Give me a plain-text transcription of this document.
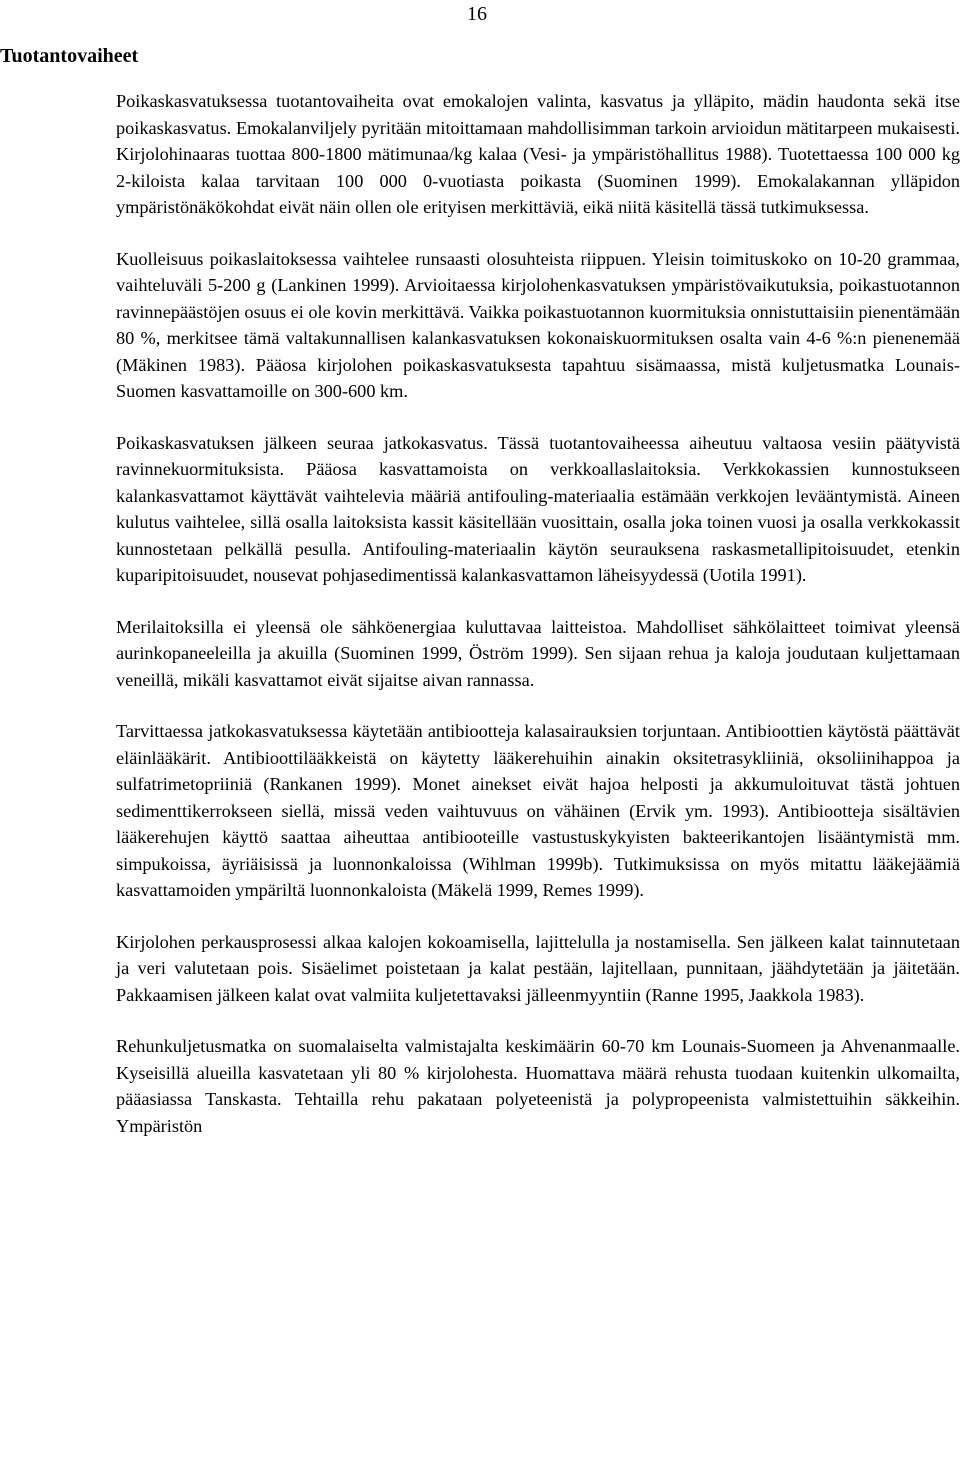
16
Tuotantovaiheet

Poikaskasvatuksessa tuotantovaiheita ovat emokalojen valinta, kasvatus ja ylläpito, mädin haudonta sekä itse poikaskasvatus. Emokalanviljely pyritään mitoittamaan mahdollisimman tarkoin arvioidun mätitarpeen mukaisesti. Kirjolohinaaras tuottaa 800-1800 mätimunaa/kg kalaa (Vesi- ja ympäristöhallitus 1988). Tuotettaessa 100 000 kg 2-kiloista kalaa tarvitaan 100 000 0-vuotiasta poikasta (Suominen 1999). Emokalakannan ylläpidon ympäristönäkökohdat eivät näin ollen ole erityisen merkittäviä, eikä niitä käsitellä tässä tutkimuksessa.

Kuolleisuus poikaslaitoksessa vaihtelee runsaasti olosuhteista riippuen. Yleisin toimituskoko on 10-20 grammaa, vaihteluväli 5-200 g (Lankinen 1999). Arvioitaessa kirjolohenkasvatuksen ympäristövaikutuksia, poikastuotannon ravinnepäästöjen osuus ei ole kovin merkittävä. Vaikka poikastuotannon kuormituksia onnistuttaisiin pienentämään 80 %, merkitsee tämä valtakunnallisen kalankasvatuksen kokonaiskuormituksen osalta vain 4-6 %:n pienenemää (Mäkinen 1983). Pääosa kirjolohen poikaskasvatuksesta tapahtuu sisämaassa, mistä kuljetusmatka Lounais-Suomen kasvattamoille on 300-600 km.

Poikaskasvatuksen jälkeen seuraa jatkokasvatus. Tässä tuotantovaiheessa aiheutuu valtaosa vesiin päätyvistä ravinnekuormituksista. Pääosa kasvattamoista on verkkoallaslaitoksia. Verkkokassien kunnostukseen kalankasvattamot käyttävät vaihtelevia määriä antifouling-materiaalia estämään verkkojen levääntymistä. Aineen kulutus vaihtelee, sillä osalla laitoksista kassit käsitellään vuosittain, osalla joka toinen vuosi ja osalla verkkokassit kunnostetaan pelkällä pesulla. Antifouling-materiaalin käytön seurauksena raskasmetallipitoisuudet, etenkin kuparipitoisuudet, nousevat pohjasedimentissä kalankasvattamon läheisyydessä (Uotila 1991).

Merilaitoksilla ei yleensä ole sähköenergiaa kuluttavaa laitteistoa. Mahdolliset sähkölaitteet toimivat yleensä aurinkopaneeleilla ja akuilla (Suominen 1999, Öström 1999). Sen sijaan rehua ja kaloja joudutaan kuljettamaan veneillä, mikäli kasvattamot eivät sijaitse aivan rannassa.

Tarvittaessa jatkokasvatuksessa käytetään antibiootteja kalasairauksien torjuntaan. Antibioottien käytöstä päättävät eläinlääkärit. Antibioottilääkkeistä on käytetty lääkerehuihin ainakin oksitetrasykliiniä, oksoliinihappoa ja sulfatrimetopriiniä (Rankanen 1999). Monet ainekset eivät hajoa helposti ja akkumuloituvat tästä johtuen sedimenttikerrokseen siellä, missä veden vaihtuvuus on vähäinen (Ervik ym. 1993). Antibiootteja sisältävien lääkerehujen käyttö saattaa aiheuttaa antibiooteille vastustuskykyisten bakteerikantojen lisääntymistä mm. simpukoissa, äyriäisissä ja luonnonkaloissa (Wihlman 1999b). Tutkimuksissa on myös mitattu lääkejäämiä kasvattamoiden ympäriltä luonnonkaloista (Mäkelä 1999, Remes 1999).

Kirjolohen perkausprosessi alkaa kalojen kokoamisella, lajittelulla ja nostamisella. Sen jälkeen kalat tainnutetaan ja veri valutetaan pois. Sisäelimet poistetaan ja kalat pestään, lajitellaan, punnitaan, jäähdytetään ja jäitetään. Pakkaamisen jälkeen kalat ovat valmiita kuljetettavaksi jälleenmyyntiin (Ranne 1995, Jaakkola 1983).

Rehunkuljetusmatka on suomalaiselta valmistajalta keskimäärin 60-70 km Lounais-Suomeen ja Ahvenanmaalle. Kyseisillä alueilla kasvatetaan yli 80 % kirjolohesta. Huomattava määrä rehusta tuodaan kuitenkin ulkomailta, pääasiassa Tanskasta. Tehtailla rehu pakataan polyeteenistä ja polypropeenista valmistettuihin säkkeihin. Ympäristön
